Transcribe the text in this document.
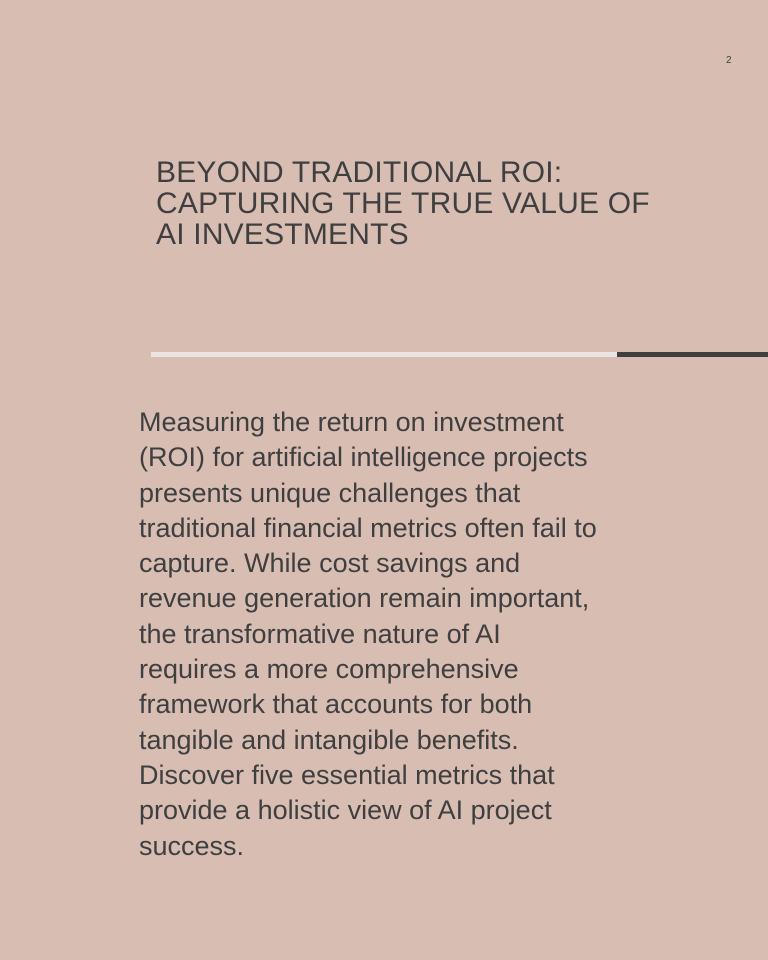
2
BEYOND TRADITIONAL ROI: CAPTURING THE TRUE VALUE OF AI INVESTMENTS

Measuring the return on investment (ROI) for artificial intelligence projects presents unique challenges that traditional financial metrics often fail to capture. While cost savings and revenue generation remain important, the transformative nature of AI requires a more comprehensive framework that accounts for both tangible and intangible benefits. Discover five essential metrics that provide a holistic view of AI project success.
